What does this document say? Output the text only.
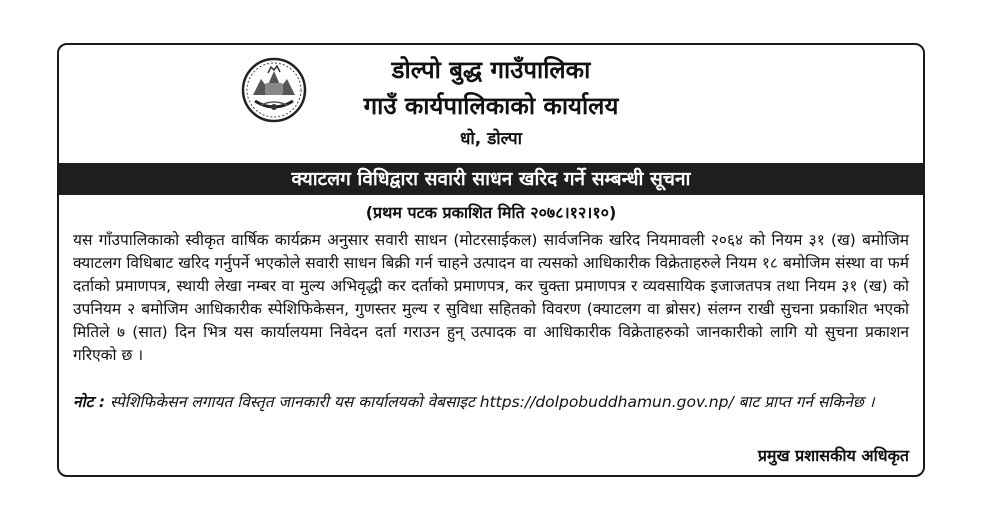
डोल्पो बुद्ध गाउँपालिका
गाउँ कार्यपालिकाको कार्यालय
धो, डोल्पा
क्याटलग विधिद्वारा सवारी साधन खरिद गर्ने सम्बन्धी सूचना
(प्रथम पटक प्रकाशित मिति २०७८।१२।१०)
यस गाँउपालिकाको स्वीकृत वार्षिक कार्यक्रम अनुसार सवारी साधन (मोटरसाईकल) सार्वजनिक खरिद नियमावली २०६४ को नियम ३१ (ख) बमोजिम क्याटलग विधिबाट खरिद गर्नुपर्ने भएकोले सवारी साधन बिक्री गर्न चाहने उत्पादन वा त्यसको आधिकारीक विक्रेताहरुले नियम १८ बमोजिम संस्था वा फर्म दर्ताको प्रमाणपत्र, स्थायी लेखा नम्बर वा मुल्य अभिवृद्धी कर दर्ताको प्रमाणपत्र, कर चुक्ता प्रमाणपत्र र व्यवसायिक इजाजतपत्र तथा नियम ३१ (ख) को उपनियम २ बमोजिम आधिकारीक स्पेशिफिकेसन, गुणस्तर मुल्य र सुविधा सहितको विवरण (क्याटलग वा ब्रोसर) संलग्न राखी सुचना प्रकाशित भएको मितिले ७ (सात) दिन भित्र यस कार्यालयमा निवेदन दर्ता गराउन हुन् उत्पादक वा आधिकारीक विक्रेताहरुको जानकारीको लागि यो सुचना प्रकाशन गरिएको छ ।
नोट : स्पेशिफिकेसन लगायत विस्तृत जानकारी यस कार्यालयको वेबसाइट https://dolpobuddhamun.gov.np/ बाट प्राप्त गर्न सकिनेछ ।
प्रमुख प्रशासकीय अधिकृत
